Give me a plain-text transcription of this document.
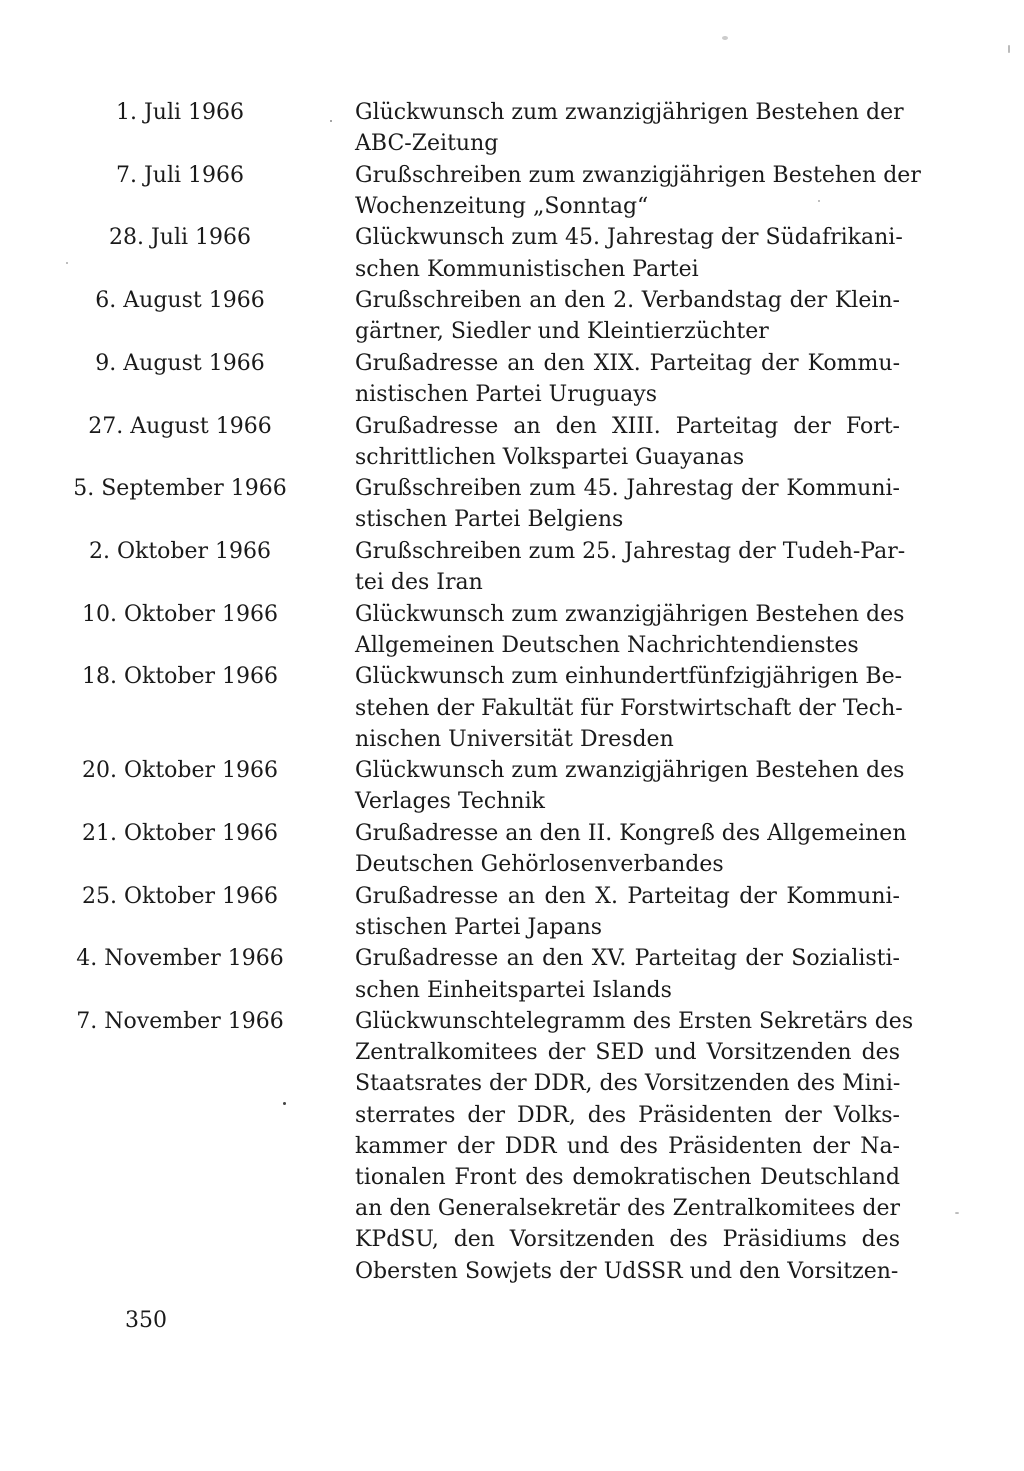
1. Juli 1966	Glückwunsch zum zwanzigjährigen Bestehen der
ABC-Zeitung
7. Juli 1966	Grußschreiben zum zwanzigjährigen Bestehen der
Wochenzeitung „Sonntag“
28. Juli 1966	Glückwunsch zum 45. Jahrestag der Südafrikani-
schen Kommunistischen Partei
6. August 1966	Grußschreiben an den 2. Verbandstag der Klein-
gärtner, Siedler und Kleintierzüchter
9. August 1966	Grußadresse an den XIX. Parteitag der Kommu-
nistischen Partei Uruguays
27. August 1966	Grußadresse an den XIII. Parteitag der Fort-
schrittlichen Volkspartei Guayanas
5. September 1966	Grußschreiben zum 45. Jahrestag der Kommuni-
stischen Partei Belgiens
2. Oktober 1966	Grußschreiben zum 25. Jahrestag der Tudeh-Par-
tei des Iran
10. Oktober 1966	Glückwunsch zum zwanzigjährigen Bestehen des
Allgemeinen Deutschen Nachrichtendienstes
18. Oktober 1966	Glückwunsch zum einhundertfünfzigjährigen Be-
stehen der Fakultät für Forstwirtschaft der Tech-
nischen Universität Dresden
20. Oktober 1966	Glückwunsch zum zwanzigjährigen Bestehen des
Verlages Technik
21. Oktober 1966	Grußadresse an den II. Kongreß des Allgemeinen
Deutschen Gehörlosenverbandes
25. Oktober 1966	Grußadresse an den X. Parteitag der Kommuni-
stischen Partei Japans
4. November 1966	Grußadresse an den XV. Parteitag der Sozialisti-
schen Einheitspartei Islands
7. November 1966	Glückwunschtelegramm des Ersten Sekretärs des
Zentralkomitees der SED und Vorsitzenden des
Staatsrates der DDR, des Vorsitzenden des Mini-
sterrates der DDR, des Präsidenten der Volks-
kammer der DDR und des Präsidenten der Na-
tionalen Front des demokratischen Deutschland
an den Generalsekretär des Zentralkomitees der
KPdSU, den Vorsitzenden des Präsidiums des
Obersten Sowjets der UdSSR und den Vorsitzen-
350
